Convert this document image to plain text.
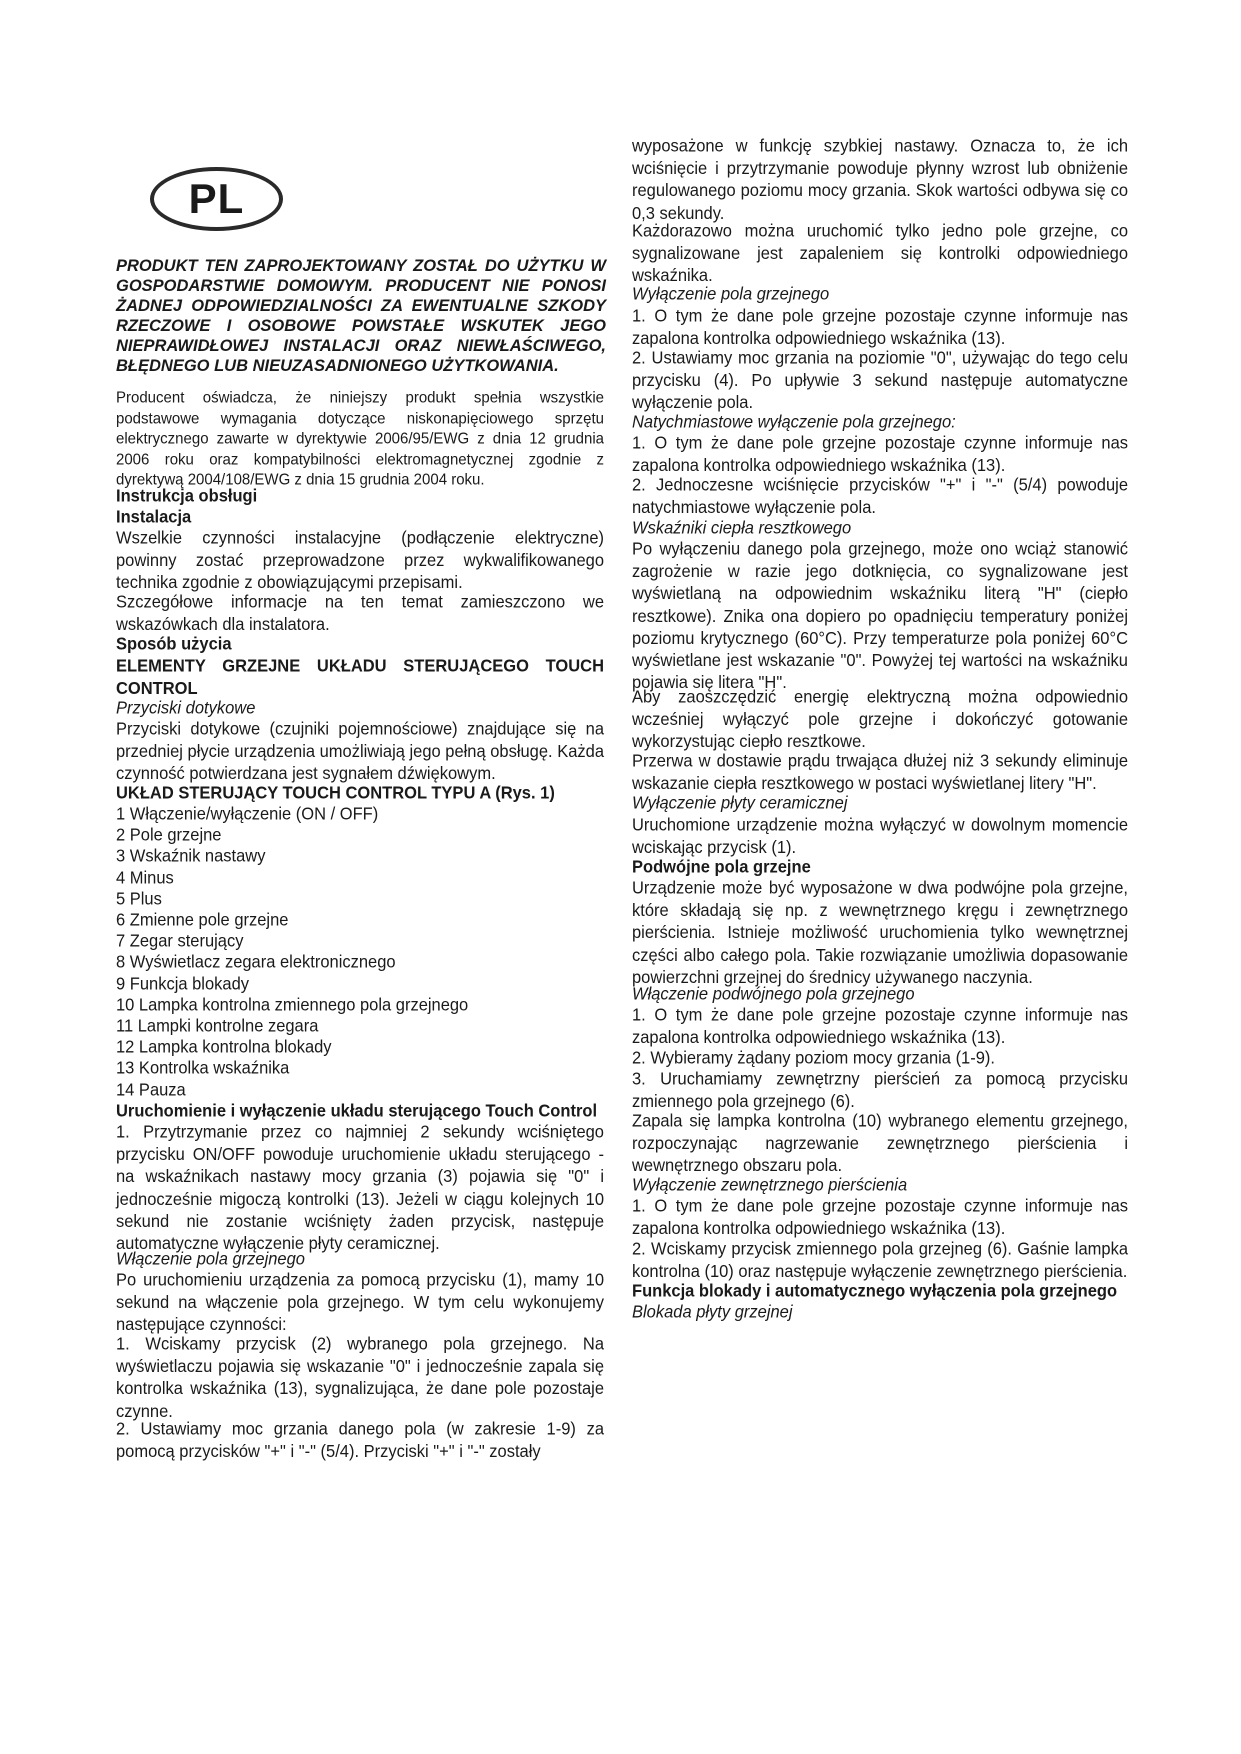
PL
PRODUKT TEN ZAPROJEKTOWANY ZOSTAŁ DO UŻYTKU W GOSPODARSTWIE DOMOWYM. PRODUCENT NIE PONOSI ŻADNEJ ODPOWIEDZIALNOŚCI ZA EWENTUALNE SZKODY RZECZOWE I OSOBOWE POWSTAŁE WSKUTEK JEGO NIEPRAWIDŁOWEJ INSTALACJI ORAZ NIEWŁAŚCIWEGO, BŁĘDNEGO LUB NIEUZASADNIONEGO UŻYTKOWANIA.

Producent oświadcza, że niniejszy produkt spełnia wszystkie podstawowe wymagania dotyczące niskonapięciowego sprzętu elektrycznego zawarte w dyrektywie 2006/95/EWG z dnia 12 grudnia 2006 roku oraz kompatybilności elektromagnetycznej zgodnie z dyrektywą 2004/108/EWG z dnia 15 grudnia 2004 roku.

Instrukcja obsługi

Instalacja

Wszelkie czynności instalacyjne (podłączenie elektryczne) powinny zostać przeprowadzone przez wykwalifikowanego technika zgodnie z obowiązującymi przepisami.

Szczegółowe informacje na ten temat zamieszczono we wskazówkach dla instalatora.

Sposób użycia

ELEMENTY GRZEJNE UKŁADU STERUJĄCEGO TOUCH CONTROL

Przyciski dotykowe

Przyciski dotykowe (czujniki pojemnościowe) znajdujące się na przedniej płycie urządzenia umożliwiają jego pełną obsługę. Każda czynność potwierdzana jest sygnałem dźwiękowym.

UKŁAD STERUJĄCY TOUCH CONTROL TYPU A (Rys. 1)

1 Włączenie/wyłączenie (ON / OFF)

2 Pole grzejne

3 Wskaźnik nastawy

4 Minus

5 Plus

6 Zmienne pole grzejne

7 Zegar sterujący

8 Wyświetlacz zegara elektronicznego

9 Funkcja blokady

10 Lampka kontrolna zmiennego pola grzejnego

11 Lampki kontrolne zegara

12 Lampka kontrolna blokady

13 Kontrolka wskaźnika

14 Pauza

Uruchomienie i wyłączenie układu sterującego Touch Control

1. Przytrzymanie przez co najmniej 2 sekundy wciśniętego przycisku ON/OFF powoduje uruchomienie układu sterującego - na wskaźnikach nastawy mocy grzania (3) pojawia się "0" i jednocześnie migoczą kontrolki (13). Jeżeli w ciągu kolejnych 10 sekund nie zostanie wciśnięty żaden przycisk, następuje automatyczne wyłączenie płyty ceramicznej.

Włączenie pola grzejnego

Po uruchomieniu urządzenia za pomocą przycisku (1), mamy 10 sekund na włączenie pola grzejnego. W tym celu wykonujemy następujące czynności:

1. Wciskamy przycisk (2) wybranego pola grzejnego. Na wyświetlaczu pojawia się wskazanie "0" i jednocześnie zapala się kontrolka wskaźnika (13), sygnalizująca, że dane pole pozostaje czynne.

2. Ustawiamy moc grzania danego pola (w zakresie 1-9) za pomocą przycisków "+" i "-" (5/4). Przyciski "+" i "-" zostały

wyposażone w funkcję szybkiej nastawy. Oznacza to, że ich wciśnięcie i przytrzymanie powoduje płynny wzrost lub obniżenie regulowanego poziomu mocy grzania. Skok wartości odbywa się co 0,3 sekundy.

Każdorazowo można uruchomić tylko jedno pole grzejne, co sygnalizowane jest zapaleniem się kontrolki odpowiedniego wskaźnika.

Wyłączenie pola grzejnego

1. O tym że dane pole grzejne pozostaje czynne informuje nas zapalona kontrolka odpowiedniego wskaźnika (13).

2. Ustawiamy moc grzania na poziomie "0", używając do tego celu przycisku (4). Po upływie 3 sekund następuje automatyczne wyłączenie pola.

Natychmiastowe wyłączenie pola grzejnego:

1. O tym że dane pole grzejne pozostaje czynne informuje nas zapalona kontrolka odpowiedniego wskaźnika (13).

2. Jednoczesne wciśnięcie przycisków "+" i "-" (5/4) powoduje natychmiastowe wyłączenie pola.

Wskaźniki ciepła resztkowego

Po wyłączeniu danego pola grzejnego, może ono wciąż stanowić zagrożenie w razie jego dotknięcia, co sygnalizowane jest wyświetlaną na odpowiednim wskaźniku literą "H" (ciepło resztkowe). Znika ona dopiero po opadnięciu temperatury poniżej poziomu krytycznego (60°C). Przy temperaturze pola poniżej 60°C wyświetlane jest wskazanie "0". Powyżej tej wartości na wskaźniku pojawia się litera "H".

Aby zaoszczędzić energię elektryczną można odpowiednio wcześniej wyłączyć pole grzejne i dokończyć gotowanie wykorzystując ciepło resztkowe.

Przerwa w dostawie prądu trwająca dłużej niż 3 sekundy eliminuje wskazanie ciepła resztkowego w postaci wyświetlanej litery "H".

Wyłączenie płyty ceramicznej

Uruchomione urządzenie można wyłączyć w dowolnym momencie wciskając przycisk (1).

Podwójne pola grzejne

Urządzenie może być wyposażone w dwa podwójne pola grzejne, które składają się np. z wewnętrznego kręgu i zewnętrznego pierścienia. Istnieje możliwość uruchomienia tylko wewnętrznej części albo całego pola. Takie rozwiązanie umożliwia dopasowanie powierzchni grzejnej do średnicy używanego naczynia.

Włączenie podwójnego pola grzejnego

1. O tym że dane pole grzejne pozostaje czynne informuje nas zapalona kontrolka odpowiedniego wskaźnika (13).

2. Wybieramy żądany poziom mocy grzania (1-9).

3. Uruchamiamy zewnętrzny pierścień za pomocą przycisku zmiennego pola grzejnego (6).

Zapala się lampka kontrolna (10) wybranego elementu grzejnego, rozpoczynając nagrzewanie zewnętrznego pierścienia i wewnętrznego obszaru pola.

Wyłączenie zewnętrznego pierścienia

1. O tym że dane pole grzejne pozostaje czynne informuje nas zapalona kontrolka odpowiedniego wskaźnika (13).

2. Wciskamy przycisk zmiennego pola grzejneg (6). Gaśnie lampka kontrolna (10) oraz następuje wyłączenie zewnętrznego pierścienia.

Funkcja blokady i automatycznego wyłączenia pola grzejnego

Blokada płyty grzejnej
